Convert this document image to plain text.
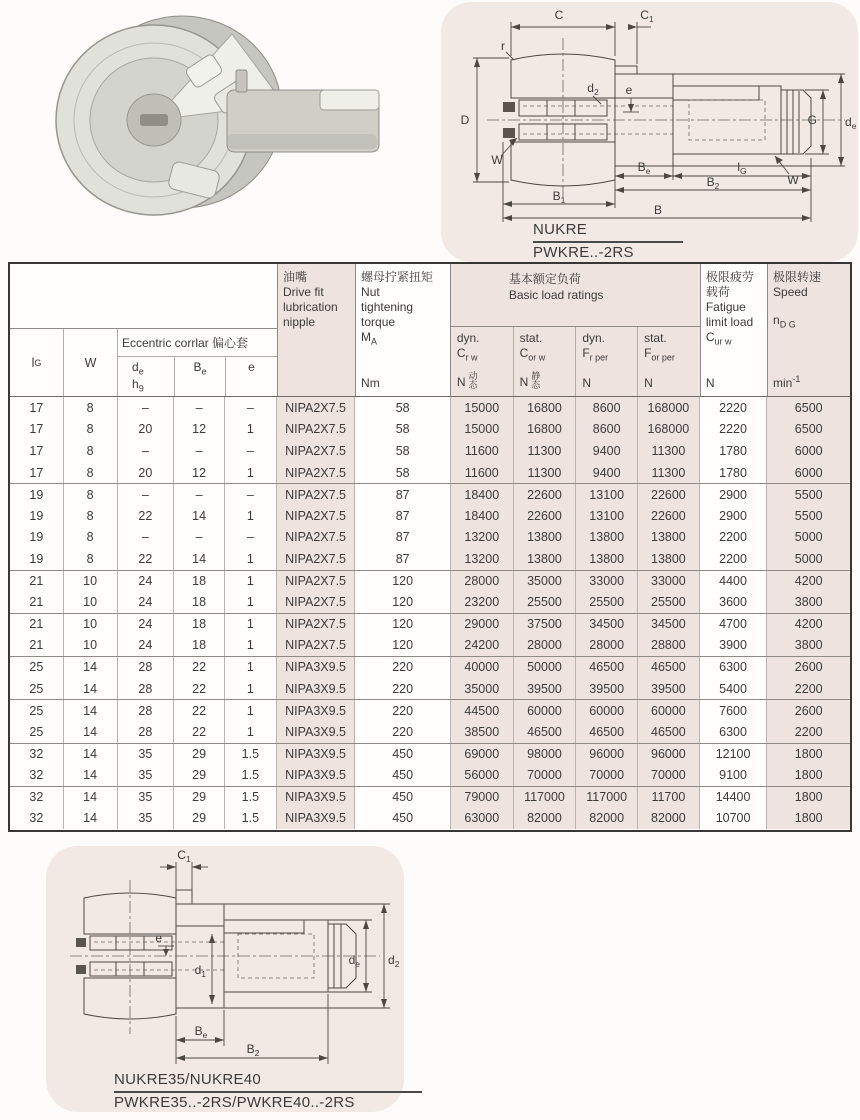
C	$C_1$
r
D
W
$d_2$ e
G $d_e$
W
$B_e$	$l_G$
$B_2$
$B_1$
B
NUKRE
PWKRE..-2RS
l G	W
Eccentric corrlar 偏心套
$d_e$
$h_9$
$B_e$	e
油嘴
Drive fit
lubrication
nipple
螺母拧紧扭矩
Nut
tightening
torque
$M_A$
Nm
基本额定负荷
Basic load ratings
dyn.
$C_{r w}$
N 动态
stat.
$C_{or w}$
N 静态
dyn.
$F_{r per}$
N
stat.
$F_{or per}$
N
极限疲劳
载荷
Fatigue
limit load
$C_{ur w}$
N
极限转速
Speed
$n_{D G}$
$\min^{-1}$
17	8	–	–	–	NIPA2X7.5	58	15000	16800	8600	168000	2220	6500
17	8	20	12	1	NIPA2X7.5	58	15000	16800	8600	168000	2220	6500
17	8	–	–	–	NIPA2X7.5	58	11600	11300	9400	11300	1780	6000
17	8	20	12	1	NIPA2X7.5	58	11600	11300	9400	11300	1780	6000
19	8	–	–	–	NIPA2X7.5	87	18400	22600	13100	22600	2900	5500
19	8	22	14	1	NIPA2X7.5	87	18400	22600	13100	22600	2900	5500
19	8	–	–	–	NIPA2X7.5	87	13200	13800	13800	13800	2200	5000
19	8	22	14	1	NIPA2X7.5	87	13200	13800	13800	13800	2200	5000
21	10	24	18	1	NIPA2X7.5	120	28000	35000	33000	33000	4400	4200
21	10	24	18	1	NIPA2X7.5	120	23200	25500	25500	25500	3600	3800
21	10	24	18	1	NIPA2X7.5	120	29000	37500	34500	34500	4700	4200
21	10	24	18	1	NIPA2X7.5	120	24200	28000	28000	28800	3900	3800
25	14	28	22	1	NIPA3X9.5	220	40000	50000	46500	46500	6300	2600
25	14	28	22	1	NIPA3X9.5	220	35000	39500	39500	39500	5400	2200
25	14	28	22	1	NIPA3X9.5	220	44500	60000	60000	60000	7600	2600
25	14	28	22	1	NIPA3X9.5	220	38500	46500	46500	46500	6300	2200
32	14	35	29	1.5	NIPA3X9.5	450	69000	98000	96000	96000	12100	1800
32	14	35	29	1.5	NIPA3X9.5	450	56000	70000	70000	70000	9100	1800
32	14	35	29	1.5	NIPA3X9.5	450	79000	117000	117000	11700	14400	1800
32	14	35	29	1.5	NIPA3X9.5	450	63000	82000	82000	82000	10700	1800
$C_1$
e
$d_1$
$d_e$ $d_2$
$B_e$
$B_2$
NUKRE35/NUKRE40
PWKRE35..-2RS/PWKRE40..-2RS
